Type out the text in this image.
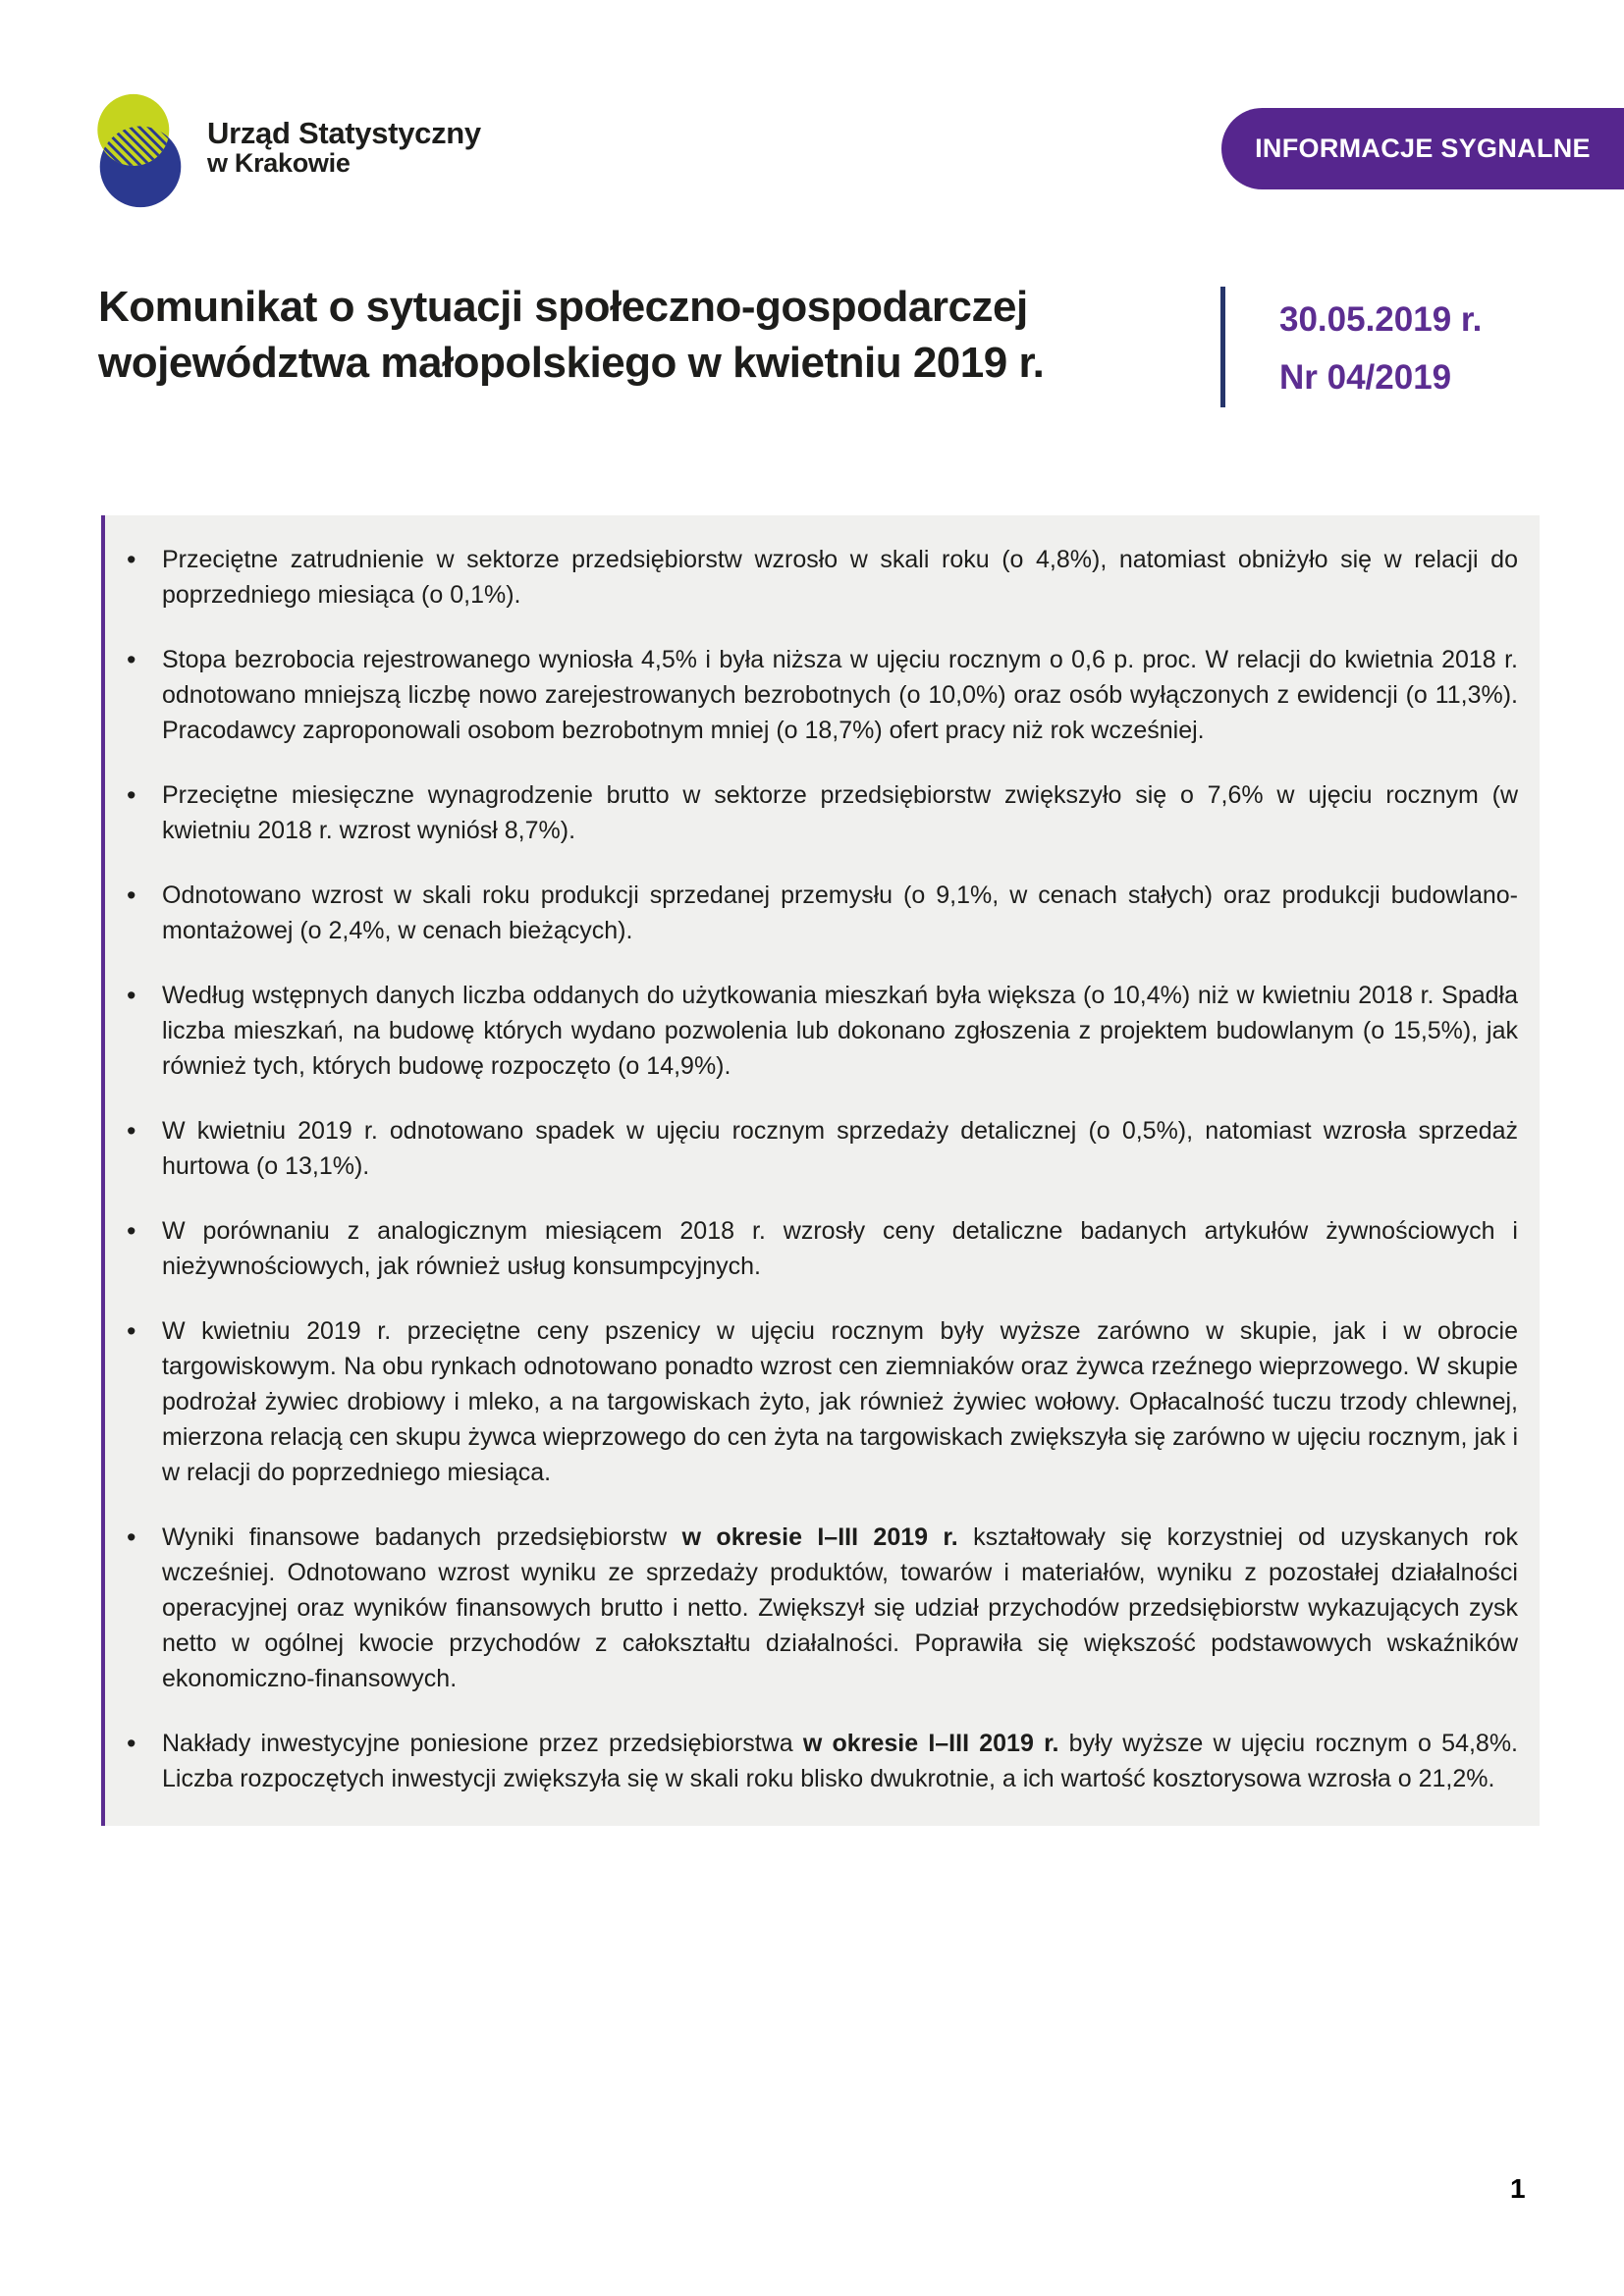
Urząd Statystyczny
w Krakowie
INFORMACJE SYGNALNE
Komunikat o sytuacji społeczno-gospodarczej
województwa małopolskiego w kwietniu 2019 r.
30.05.2019 r.
Nr 04/2019
•	Przeciętne zatrudnienie w sektorze przedsiębiorstw wzrosło w skali roku (o 4,8%), natomiast obniżyło się w relacji do poprzedniego miesiąca (o 0,1%).

•	Stopa bezrobocia rejestrowanego wyniosła 4,5% i była niższa w ujęciu rocznym o 0,6 p. proc. W relacji do kwietnia 2018 r. odnotowano mniejszą liczbę nowo zarejestrowanych bezrobotnych (o 10,0%) oraz osób wyłączonych z ewidencji (o 11,3%). Pracodawcy zaproponowali osobom bezrobotnym mniej (o 18,7%) ofert pracy niż rok wcześniej.

•	Przeciętne miesięczne wynagrodzenie brutto w sektorze przedsiębiorstw zwiększyło się o 7,6% w ujęciu rocznym (w kwietniu 2018 r. wzrost wyniósł 8,7%).

•	Odnotowano wzrost w skali roku produkcji sprzedanej przemysłu (o 9,1%, w cenach stałych) oraz produkcji budowlano-montażowej (o 2,4%, w cenach bieżących).

•	Według wstępnych danych liczba oddanych do użytkowania mieszkań była większa (o 10,4%) niż w kwietniu 2018 r. Spadła liczba mieszkań, na budowę których wydano pozwolenia lub dokonano zgłoszenia z projektem budowlanym (o 15,5%), jak również tych, których budowę rozpoczęto (o 14,9%).

•	W kwietniu 2019 r. odnotowano spadek w ujęciu rocznym sprzedaży detalicznej (o 0,5%), natomiast wzrosła sprzedaż hurtowa (o 13,1%).

•	W porównaniu z analogicznym miesiącem 2018 r. wzrosły ceny detaliczne badanych artykułów żywnościowych i nieżywnościowych, jak również usług konsumpcyjnych.

•	W kwietniu 2019 r. przeciętne ceny pszenicy w ujęciu rocznym były wyższe zarówno w skupie, jak i w obrocie targowiskowym. Na obu rynkach odnotowano ponadto wzrost cen ziemniaków oraz żywca rzeźnego wieprzowego. W skupie podrożał żywiec drobiowy i mleko, a na targowiskach żyto, jak również żywiec wołowy. Opłacalność tuczu trzody chlewnej, mierzona relacją cen skupu żywca wieprzowego do cen żyta na targowiskach zwiększyła się zarówno w ujęciu rocznym, jak i w relacji do poprzedniego miesiąca.

•	Wyniki finansowe badanych przedsiębiorstw w okresie I–III 2019 r. kształtowały się korzystniej od uzyskanych rok wcześniej. Odnotowano wzrost wyniku ze sprzedaży produktów, towarów i materiałów, wyniku z pozostałej działalności operacyjnej oraz wyników finansowych brutto i netto. Zwiększył się udział przychodów przedsiębiorstw wykazujących zysk netto w ogólnej kwocie przychodów z całokształtu działalności. Poprawiła się większość podstawowych wskaźników ekonomiczno-finansowych.

•	Nakłady inwestycyjne poniesione przez przedsiębiorstwa w okresie I–III 2019 r. były wyższe w ujęciu rocznym o 54,8%. Liczba rozpoczętych inwestycji zwiększyła się w skali roku blisko dwukrotnie, a ich wartość kosztorysowa wzrosła o 21,2%.

1
